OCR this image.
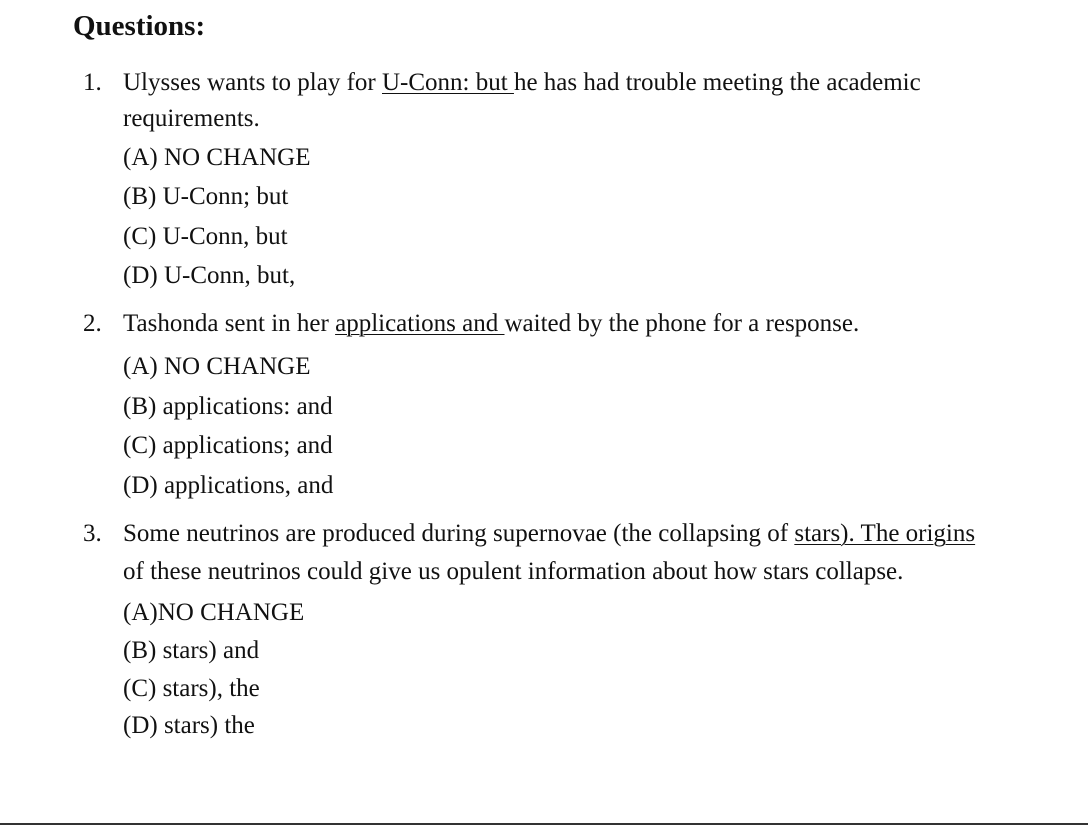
Questions:
1. Ulysses wants to play for U-Conn: but he has had trouble meeting the academic
requirements.
(A) NO CHANGE
(B) U-Conn; but
(C) U-Conn, but
(D) U-Conn, but,
2. Tashonda sent in her applications and waited by the phone for a response.
(A) NO CHANGE
(B) applications: and
(C) applications; and
(D) applications, and
3. Some neutrinos are produced during supernovae (the collapsing of stars). The origins
of these neutrinos could give us opulent information about how stars collapse.
(A)NO CHANGE
(B) stars) and
(C) stars), the
(D) stars) the
